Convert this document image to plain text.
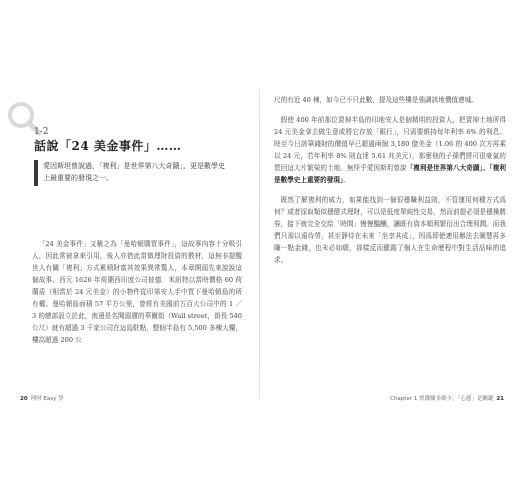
1-2
話說「24 美金事件」……
愛因斯坦曾說過，「複利」是世界第八大奇蹟」，更是數學史上最重要的發現之一。

「24 美金事件」又稱之為「曼哈頓購買事件」，這故事內容十分吸引人，因此常被拿來引用，後人亦借此當做理財投資的教材，這無非提醒世人有關「複利」方式累積財富其效果異常驚人，本章開頭先來說說這個故事。西元 1626 年荷蘭西印度公司彼德．米紐特以當時價格 60 荷蘭盾（相當於 24 元美金）的小物件從印第安人手中買下曼哈頓島的所有權。曼哈頓島面積 57 平方公里，曾經有美國前五百大公司中的 1 ／ 3 的總部設立於此，南邊是名聞遐邇的華爾街（Wall street，街長 540 公尺）就有超過 3 千家公司在這島駐點，整個半島有 5,500 多棟大樓，樓高超過 200 公

尺的有近 40 棟，如今已不只此數，提及這些樓是強調該地價值連城。

假使 400 年前那位賣掉半島的印地安人是個精明的投資人，把賣掉土地所得 24 元美金拿去做生意或將它存放「銀行」，只需要維持每年利率 6% 的利息。時至今日該筆錢財的價值早已超過兩個 3,180 億美金（1.06 的 400 次方再乘以 24 元，若年利率 8% 則直達 5.61 兆美元），那麼他的子孫們將可很豪氣的買回這大片繁榮的土地。無怪乎愛因斯坦曾說「複利是世界第八大奇蹟」、「複利是數學史上重要的發現」。

既然了解複利的威力，如果能找到一個很穩賺利益則，不管運用何種方式爲何？或者採取類似穩健式理財，可以是低度單純性交易，然而前提必須是穩操勝券，接下就完全交給「時間」慢慢醞釀，讓既有資本順利繁衍出合理利潤。而我們只需以遠待勞，甚至靜待在未來「坐享其成」，因爲即使連用辦法去圖慧再多賺一點金錢，也未必如願，那樣反而顯露了個人在生命歷程中對生活品味的追求。

20 理財 Easy 學	Chapter 1 實踐賺多略少，「心態」是關鍵 21
